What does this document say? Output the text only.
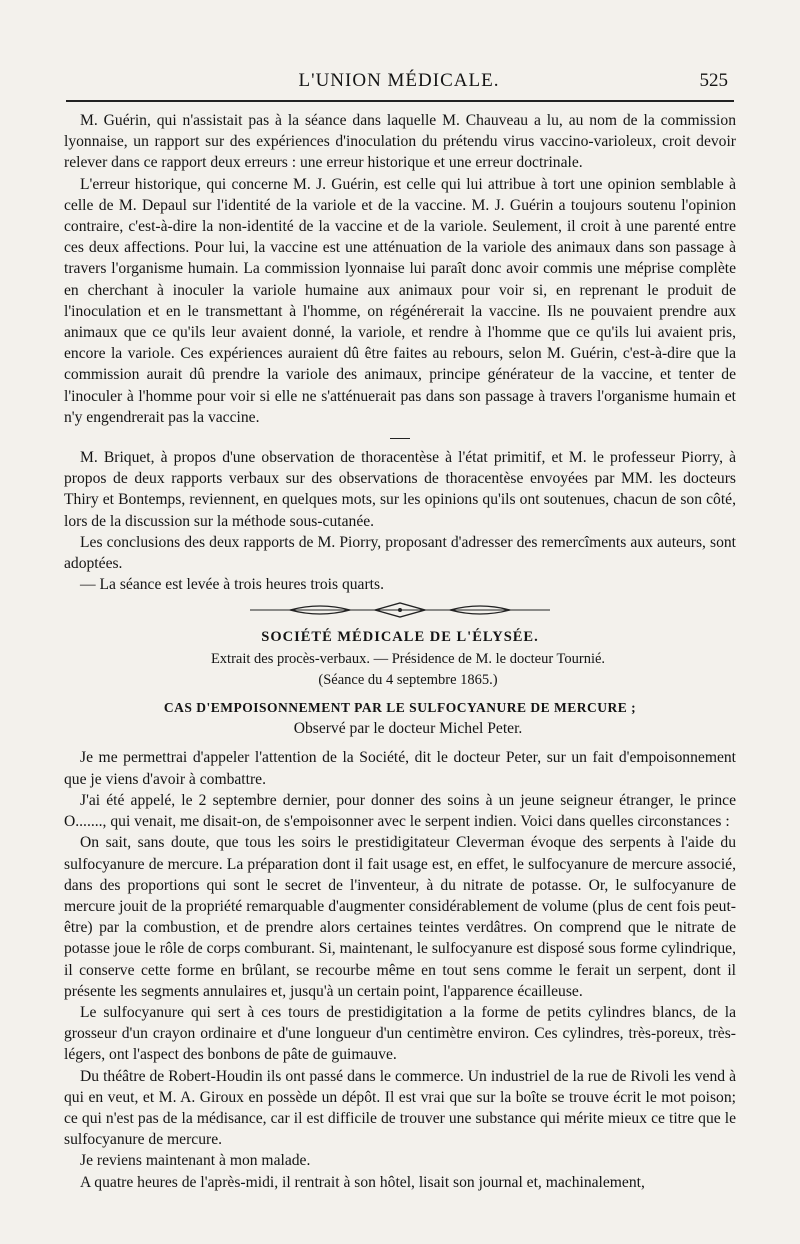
L'UNION MÉDICALE.	525

M. Guérin, qui n'assistait pas à la séance dans laquelle M. Chauveau a lu, au nom de la commission lyonnaise, un rapport sur des expériences d'inoculation du prétendu virus vaccino-varioleux, croit devoir relever dans ce rapport deux erreurs : une erreur historique et une erreur doctrinale.

L'erreur historique, qui concerne M. J. Guérin, est celle qui lui attribue à tort une opinion semblable à celle de M. Depaul sur l'identité de la variole et de la vaccine. M. J. Guérin a toujours soutenu l'opinion contraire, c'est-à-dire la non-identité de la vaccine et de la variole. Seulement, il croit à une parenté entre ces deux affections. Pour lui, la vaccine est une atténuation de la variole des animaux dans son passage à travers l'organisme humain. La commission lyonnaise lui paraît donc avoir commis une méprise complète en cherchant à inoculer la variole humaine aux animaux pour voir si, en reprenant le produit de l'inoculation et en le transmettant à l'homme, on régénérerait la vaccine. Ils ne pouvaient prendre aux animaux que ce qu'ils leur avaient donné, la variole, et rendre à l'homme que ce qu'ils lui avaient pris, encore la variole. Ces expériences auraient dû être faites au rebours, selon M. Guérin, c'est-à-dire que la commission aurait dû prendre la variole des animaux, principe générateur de la vaccine, et tenter de l'inoculer à l'homme pour voir si elle ne s'atténuerait pas dans son passage à travers l'organisme humain et n'y engendrerait pas la vaccine.

M. Briquet, à propos d'une observation de thoracentèse à l'état primitif, et M. le professeur Piorry, à propos de deux rapports verbaux sur des observations de thoracentèse envoyées par MM. les docteurs Thiry et Bontemps, reviennent, en quelques mots, sur les opinions qu'ils ont soutenues, chacun de son côté, lors de la discussion sur la méthode sous-cutanée.

Les conclusions des deux rapports de M. Piorry, proposant d'adresser des remercîments aux auteurs, sont adoptées.

— La séance est levée à trois heures trois quarts.

SOCIÉTÉ MÉDICALE DE L'ÉLYSÉE.

Extrait des procès-verbaux. — Présidence de M. le docteur Tournié.

(Séance du 4 septembre 1865.)

CAS D'EMPOISONNEMENT PAR LE SULFOCYANURE DE MERCURE ;

Observé par le docteur Michel Peter.

Je me permettrai d'appeler l'attention de la Société, dit le docteur Peter, sur un fait d'empoisonnement que je viens d'avoir à combattre.

J'ai été appelé, le 2 septembre dernier, pour donner des soins à un jeune seigneur étranger, le prince O......., qui venait, me disait-on, de s'empoisonner avec le serpent indien. Voici dans quelles circonstances :

On sait, sans doute, que tous les soirs le prestidigitateur Cleverman évoque des serpents à l'aide du sulfocyanure de mercure. La préparation dont il fait usage est, en effet, le sulfocyanure de mercure associé, dans des proportions qui sont le secret de l'inventeur, à du nitrate de potasse. Or, le sulfocyanure de mercure jouit de la propriété remarquable d'augmenter considérablement de volume (plus de cent fois peut-être) par la combustion, et de prendre alors certaines teintes verdâtres. On comprend que le nitrate de potasse joue le rôle de corps comburant. Si, maintenant, le sulfocyanure est disposé sous forme cylindrique, il conserve cette forme en brûlant, se recourbe même en tout sens comme le ferait un serpent, dont il présente les segments annulaires et, jusqu'à un certain point, l'apparence écailleuse.

Le sulfocyanure qui sert à ces tours de prestidigitation a la forme de petits cylindres blancs, de la grosseur d'un crayon ordinaire et d'une longueur d'un centimètre environ. Ces cylindres, très-poreux, très-légers, ont l'aspect des bonbons de pâte de guimauve.

Du théâtre de Robert-Houdin ils ont passé dans le commerce. Un industriel de la rue de Rivoli les vend à qui en veut, et M. A. Giroux en possède un dépôt. Il est vrai que sur la boîte se trouve écrit le mot poison; ce qui n'est pas de la médisance, car il est difficile de trouver une substance qui mérite mieux ce titre que le sulfocyanure de mercure.

Je reviens maintenant à mon malade.

A quatre heures de l'après-midi, il rentrait à son hôtel, lisait son journal et, machinalement,
